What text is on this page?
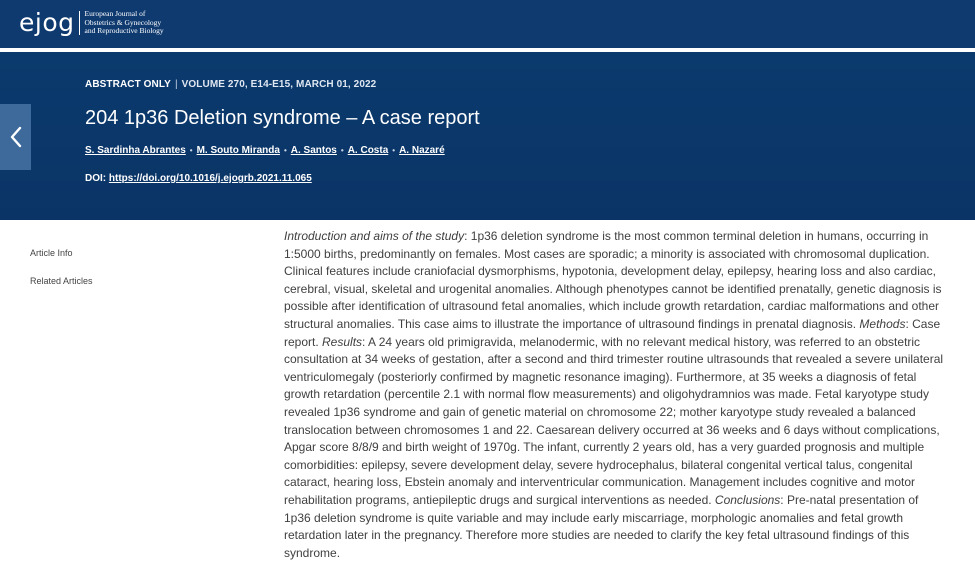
ejog European Journal of
Obstetrics & Gynecology
and Reproductive Biology
ABSTRACT ONLY | VOLUME 270, E14-E15, MARCH 01, 2022
204 1p36 Deletion syndrome – A case report
S. Sardinha Abrantes • M. Souto Miranda • A. Santos • A. Costa • A. Nazaré
DOI: https://doi.org/10.1016/j.ejogrb.2021.11.065
Article Info
Related Articles
Introduction and aims of the study: 1p36 deletion syndrome is the most common terminal deletion in humans, occurring in 1:5000 births, predominantly on females. Most cases are sporadic; a minority is associated with chromosomal duplication. Clinical features include craniofacial dysmorphisms, hypotonia, development delay, epilepsy, hearing loss and also cardiac, cerebral, visual, skeletal and urogenital anomalies. Although phenotypes cannot be identified prenatally, genetic diagnosis is possible after identification of ultrasound fetal anomalies, which include growth retardation, cardiac malformations and other structural anomalies. This case aims to illustrate the importance of ultrasound findings in prenatal diagnosis. Methods: Case report. Results: A 24 years old primigravida, melanodermic, with no relevant medical history, was referred to an obstetric consultation at 34 weeks of gestation, after a second and third trimester routine ultrasounds that revealed a severe unilateral ventriculomegaly (posteriorly confirmed by magnetic resonance imaging). Furthermore, at 35 weeks a diagnosis of fetal growth retardation (percentile 2.1 with normal flow measurements) and oligohydramnios was made. Fetal karyotype study revealed 1p36 syndrome and gain of genetic material on chromosome 22; mother karyotype study revealed a balanced translocation between chromosomes 1 and 22. Caesarean delivery occurred at 36 weeks and 6 days without complications, Apgar score 8/8/9 and birth weight of 1970g. The infant, currently 2 years old, has a very guarded prognosis and multiple comorbidities: epilepsy, severe development delay, severe hydrocephalus, bilateral congenital vertical talus, congenital cataract, hearing loss, Ebstein anomaly and interventricular communication. Management includes cognitive and motor rehabilitation programs, antiepileptic drugs and surgical interventions as needed. Conclusions: Pre-natal presentation of 1p36 deletion syndrome is quite variable and may include early miscarriage, morphologic anomalies and fetal growth retardation later in the pregnancy. Therefore more studies are needed to clarify the key fetal ultrasound findings of this syndrome.
